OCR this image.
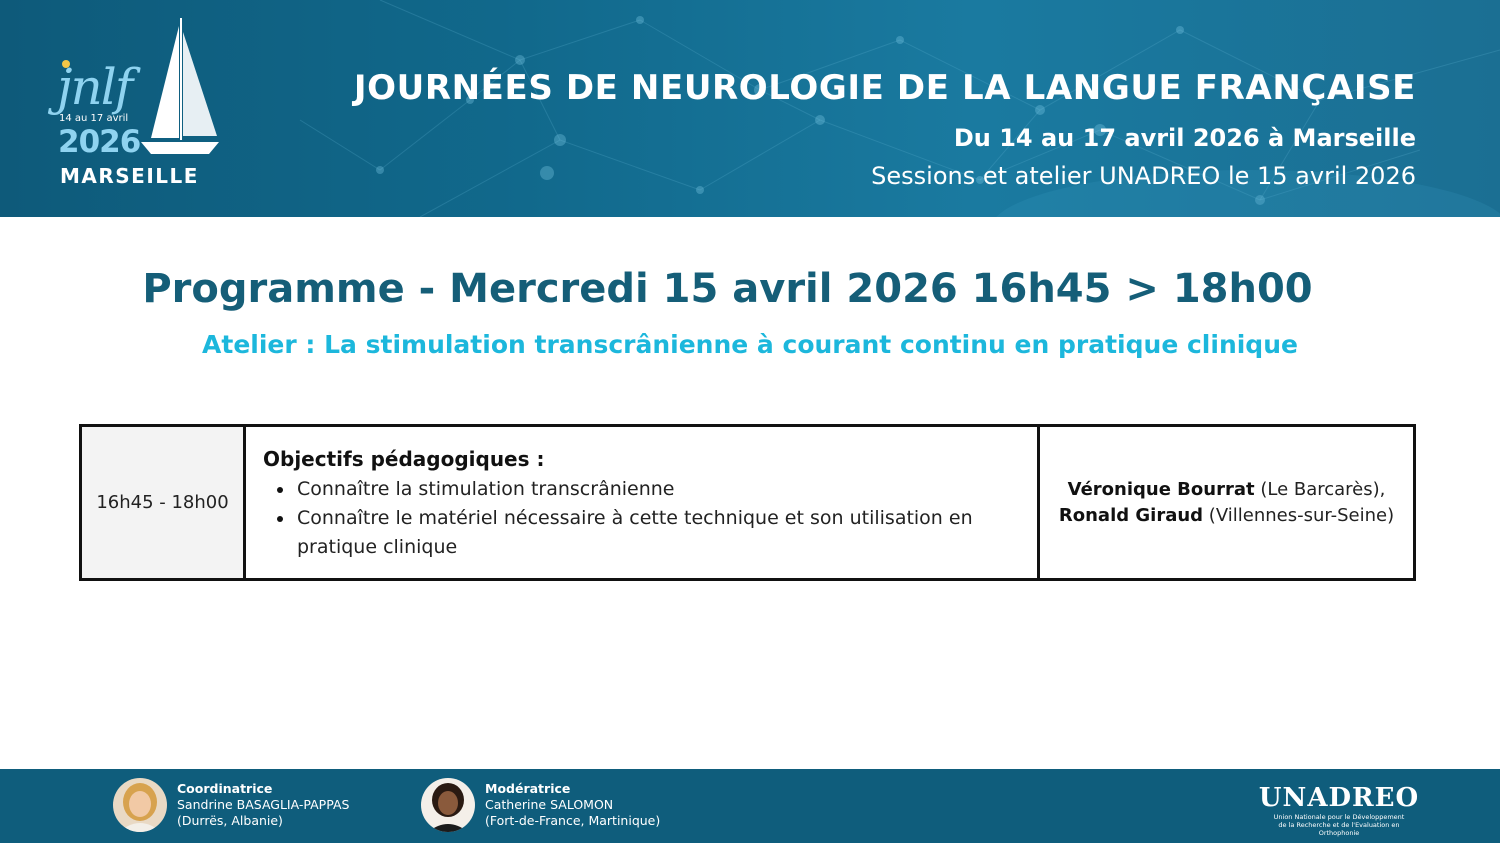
jnlf
14 au 17 avril
2026
MARSEILLE
JOURNÉES DE NEUROLOGIE DE LA LANGUE FRANÇAISE
Du 14 au 17 avril 2026 à Marseille
Sessions et atelier UNADREO le 15 avril 2026
Programme - Mercredi 15 avril 2026 16h45 > 18h00
Atelier : La stimulation transcrânienne à courant continu en pratique clinique
16h45 - 18h00
Objectifs pédagogiques :
Connaître la stimulation transcrânienne
Connaître le matériel nécessaire à cette technique et son utilisation en pratique clinique
Véronique Bourrat (Le Barcarès),
Ronald Giraud (Villennes-sur-Seine)
Coordinatrice
Sandrine BASAGLIA-PAPPAS
(Durrës, Albanie)
Modératrice
Catherine SALOMON
(Fort-de-France, Martinique)
UNADREO
Union Nationale pour le Développement
de la Recherche et de l'Evaluation en Orthophonie
